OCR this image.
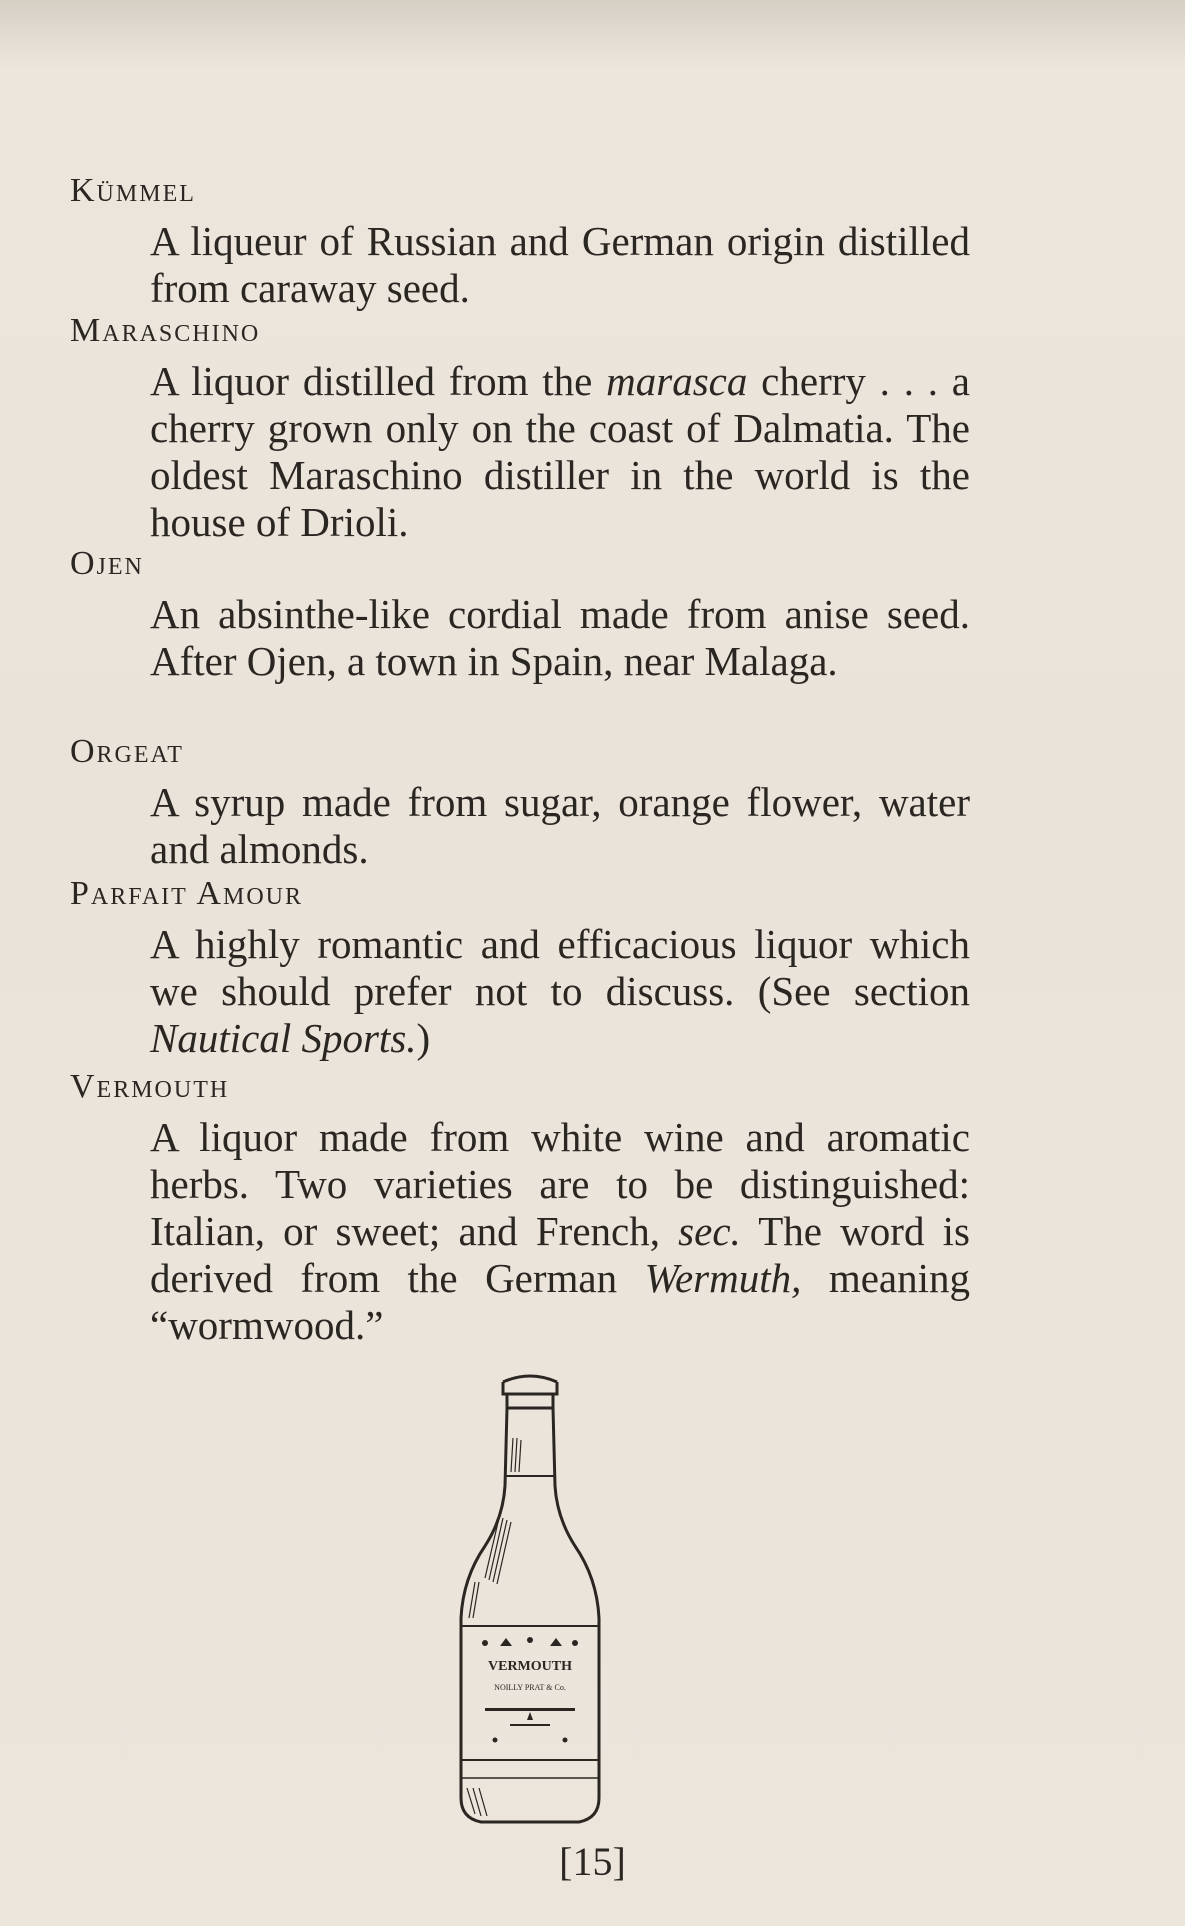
Kümmel
A liqueur of Russian and German origin distilled from caraway seed.
Maraschino
A liquor distilled from the marasca cherry . . . a cherry grown only on the coast of Dalmatia. The oldest Maraschino distiller in the world is the house of Drioli.
Ojen
An absinthe-like cordial made from anise seed. After Ojen, a town in Spain, near Malaga.
Orgeat
A syrup made from sugar, orange flower, water and almonds.
Parfait Amour
A highly romantic and efficacious liquor which we should prefer not to discuss. (See section Nautical Sports.)
Vermouth
A liquor made from white wine and aromatic herbs. Two varieties are to be distinguished: Italian, or sweet; and French, sec. The word is derived from the German Wermuth, meaning “wormwood.”
VERMOUTH
NOILLY PRAT & Co.
[15]
